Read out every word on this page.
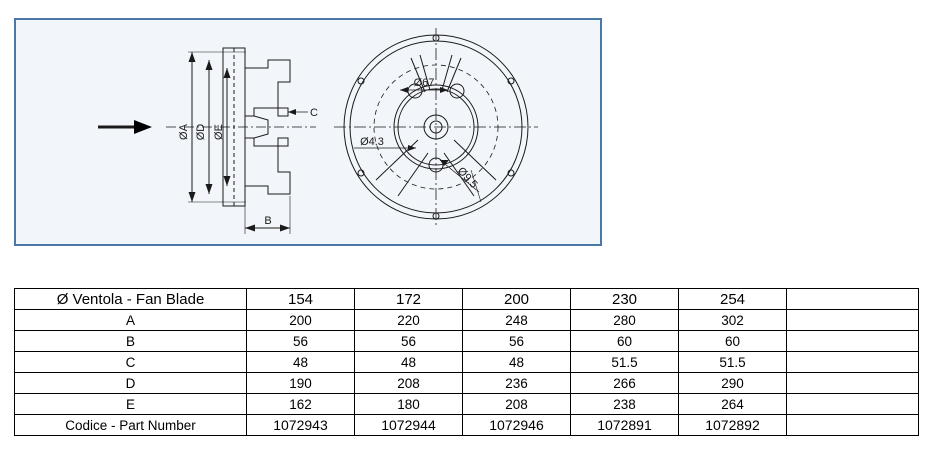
ØA ØD ØE
B
C
Ø67
Ø4.3
Ø9.5
Ø Ventola - Fan Blade	154	172	200	230	254	
A	200	220	248	280	302	
B	56	56	56	60	60	
C	48	48	48	51.5	51.5	
D	190	208	236	266	290	
E	162	180	208	238	264	
Codice - Part Number	1072943	1072944	1072946	1072891	1072892	
